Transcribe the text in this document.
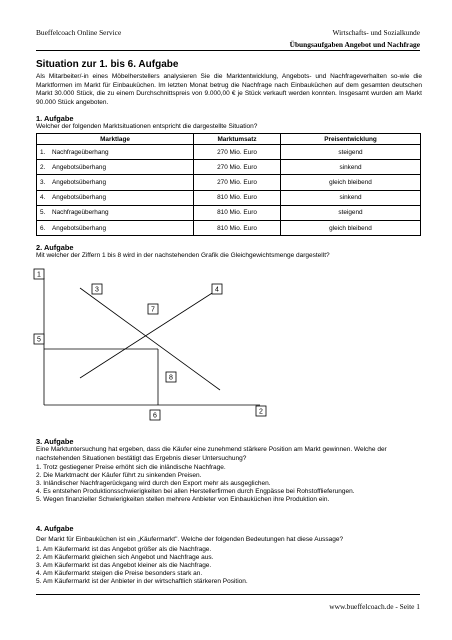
Bueffelcoach Online Service	Wirtschafts- und Sozialkunde
Übungsaufgaben Angebot und Nachfrage
Situation zur 1. bis 6. Aufgabe
Als Mitarbeiter/-in eines Möbelherstellers analysieren Sie die Marktentwicklung, Angebots- und Nachfrageverhalten so-wie die Marktformen im Markt für Einbauküchen. Im letzten Monat betrug die Nachfrage nach Einbauküchen auf dem gesamten deutschen Markt 30.000 Stück, die zu einem Durchschnittspreis von 9.000,00 € je Stück verkauft werden konnten. Insgesamt wurden am Markt 90.000 Stück angeboten.
1. Aufgabe
Welcher der folgenden Marktsituationen entspricht die dargestellte Situation?
Marktlage	Marktumsatz	Preisentwicklung
1. Nachfrageüberhang	270 Mio. Euro	steigend
2. Angebotsüberhang	270 Mio. Euro	sinkend
3. Angebotsüberhang	270 Mio. Euro	gleich bleibend
4. Angebotsüberhang	810 Mio. Euro	sinkend
5. Nachfrageüberhang	810 Mio. Euro	steigend
6. Angebotsüberhang	810 Mio. Euro	gleich bleibend
2. Aufgabe
Mit welcher der Ziffern 1 bis 8 wird in der nachstehenden Grafik die Gleichgewichtsmenge dargestellt?
1
2
3	4
5
6
7
8
3. Aufgabe
Eine Marktuntersuchung hat ergeben, dass die Käufer eine zunehmend stärkere Position am Markt gewinnen. Welche der nachstehenden Situationen bestätigt das Ergebnis dieser Untersuchung?
1. Trotz gestiegener Preise erhöht sich die inländische Nachfrage.
2. Die Marktmacht der Käufer führt zu sinkenden Preisen.
3. Inländischer Nachfragerückgang wird durch den Export mehr als ausgeglichen.
4. Es entstehen Produktionsschwierigkeiten bei allen Herstellerfirmen durch Engpässe bei Rohstofflieferungen.
5. Wegen finanzieller Schwierigkeiten stellen mehrere Anbieter von Einbauküchen ihre Produktion ein.
4. Aufgabe
Der Markt für Einbauküchen ist ein „Käufermarkt". Welche der folgenden Bedeutungen hat diese Aussage?
1. Am Käufermarkt ist das Angebot größer als die Nachfrage.
2. Am Käufermarkt gleichen sich Angebot und Nachfrage aus.
3. Am Käufermarkt ist das Angebot kleiner als die Nachfrage.
4. Am Käufermarkt steigen die Preise besonders stark an.
5. Am Käufermarkt ist der Anbieter in der wirtschaftlich stärkeren Position.
www.bueffelcoach.de - Seite 1
